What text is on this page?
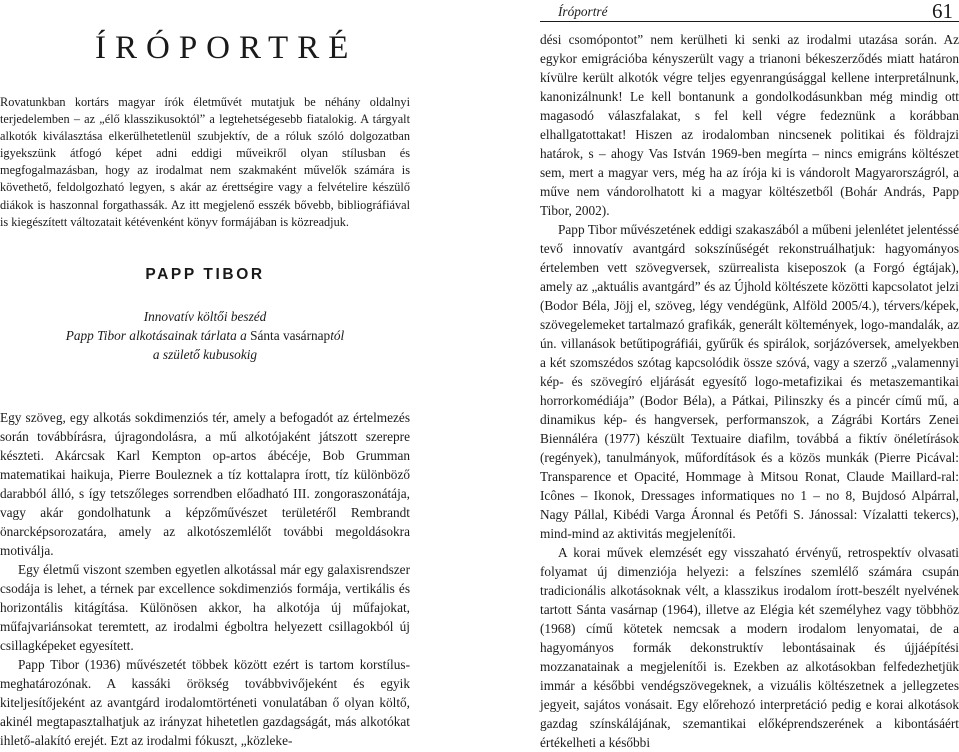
ÍRÓPORTRÉ

Rovatunkban kortárs magyar írók életművét mutatjuk be néhány oldalnyi terjedelemben – az „élő klasszikusoktól” a legtehetségesebb fiatalokig. A tárgyalt alkotók kiválasztása elkerülhetetlenül szubjektív, de a róluk szóló dolgozatban igyekszünk átfogó képet adni eddigi műveikről olyan stílusban és megfogalmazásban, hogy az irodalmat nem szakmaként művelők számára is követhető, feldolgozható legyen, s akár az érettségire vagy a felvételire készülő diákok is haszonnal forgathassák. Az itt megjelenő esszék bővebb, bibliográfiával is kiegészített változatait kétévenként könyv formájában is közreadjuk.

PAPP TIBOR
Innovatív költői beszéd
Papp Tibor alkotásainak tárlata a Sánta vasárnaptól
a születő kubusokig

Egy szöveg, egy alkotás sokdimenziós tér, amely a befogadót az értelmezés során továbbírásra, újragondolásra, a mű alkotójaként játszott szerepre készteti. Akárcsak Karl Kempton op-artos ábécéje, Bob Grumman matematikai haikuja, Pierre Bouleznek a tíz kottalapra írott, tíz különböző darabból álló, s így tetszőleges sorrendben előadható III. zongoraszonátája, vagy akár gondolhatunk a képzőművészet területéről Rembrandt önarcképsorozatára, amely az alkotószemlélőt további megoldásokra motiválja.

Egy életmű viszont szemben egyetlen alkotással már egy galaxisrendszer csodája is lehet, a térnek par excellence sokdimenziós formája, vertikális és horizontális kitágítása. Különösen akkor, ha alkotója új műfajokat, műfajvariánsokat teremtett, az irodalmi égboltra helyezett csillagokból új csillagképeket egyesített.

Papp Tibor (1936) művészetét többek között ezért is tartom korstílus-meghatározónak. A kassáki örökség továbbvivőjeként és egyik kiteljesítőjeként az avantgárd irodalomtörténeti vonulatában ő olyan költő, akinél megtapasztalhatjuk az irányzat hihetetlen gazdagságát, más alkotókat ihlető-alakító erejét. Ezt az irodalmi fókuszt, „közleke-

Íróportré	61

dési csomópontot” nem kerülheti ki senki az irodalmi utazása során. Az egykor emigrációba kényszerült vagy a trianoni békeszerződés miatt határon kívülre került alkotók végre teljes egyenrangúsággal kellene interpretálnunk, kanonizálnunk! Le kell bontanunk a gondolkodásunkban még mindig ott magasodó válaszfalakat, s fel kell végre fedeznünk a korábban elhallgatottakat! Hiszen az irodalomban nincsenek politikai és földrajzi határok, s – ahogy Vas István 1969-ben megírta – nincs emigráns költészet sem, mert a magyar vers, még ha az írója ki is vándorolt Magyarországról, a műve nem vándorolhatott ki a magyar költészetből (Bohár András, Papp Tibor, 2002).

Papp Tibor művészetének eddigi szakaszából a műbeni jelenlétet jelentéssé tevő innovatív avantgárd sokszínűségét rekonstruálhatjuk: hagyományos értelemben vett szövegversek, szürrealista kiseposzok (a Forgó égtájak), amely az „aktuális avantgárd” és az Újhold költészete közötti kapcsolatot jelzi (Bodor Béla, Jöjj el, szöveg, légy vendégünk, Alföld 2005/4.), térvers/képek, szövegelemeket tartalmazó grafikák, generált költemények, logo-mandalák, az ún. villanások betűtipográfiái, gyűrűk és spirálok, sorjázóversek, amelyekben a két szomszédos szótag kapcsolódik össze szóvá, vagy a szerző „valamennyi kép- és szövegíró eljárását egyesítő logo-metafizikai és metaszemantikai horrorkomédiája” (Bodor Béla), a Pátkai, Pilinszky és a pincér című mű, a dinamikus kép- és hangversek, performanszok, a Zágrábi Kortárs Zenei Biennáléra (1977) készült Textuaire diafilm, továbbá a fiktív önéletírások (regények), tanulmányok, műfordítások és a közös munkák (Pierre Picával: Transparence et Opacité, Hommage à Mitsou Ronat, Claude Maillard-ral: Icônes – Ikonok, Dressages informatiques no 1 – no 8, Bujdosó Alpárral, Nagy Pállal, Kibédi Varga Áronnal és Petőfi S. Jánossal: Vízalatti tekercs), mind-mind az aktivitás megjelenítői.

A korai művek elemzését egy visszaható érvényű, retrospektív olvasati folyamat új dimenziója helyezi: a felszínes szemlélő számára csupán tradicionális alkotásoknak vélt, a klasszikus irodalom írott-beszélt nyelvének tartott Sánta vasárnap (1964), illetve az Elégia két személyhez vagy többhöz (1968) című kötetek nemcsak a modern irodalom lenyomatai, de a hagyományos formák dekonstruktív lebontásainak és újjáépítési mozzanatainak a megjelenítői is. Ezekben az alkotásokban felfedezhetjük immár a későbbi vendégszövegeknek, a vizuális költészetnek a jellegzetes jegyeit, sajátos vonásait. Egy előrehozó interpretáció pedig e korai alkotások gazdag színskálájának, szemantikai előképrendszerének a kibontásáért értékelheti a későbbi
